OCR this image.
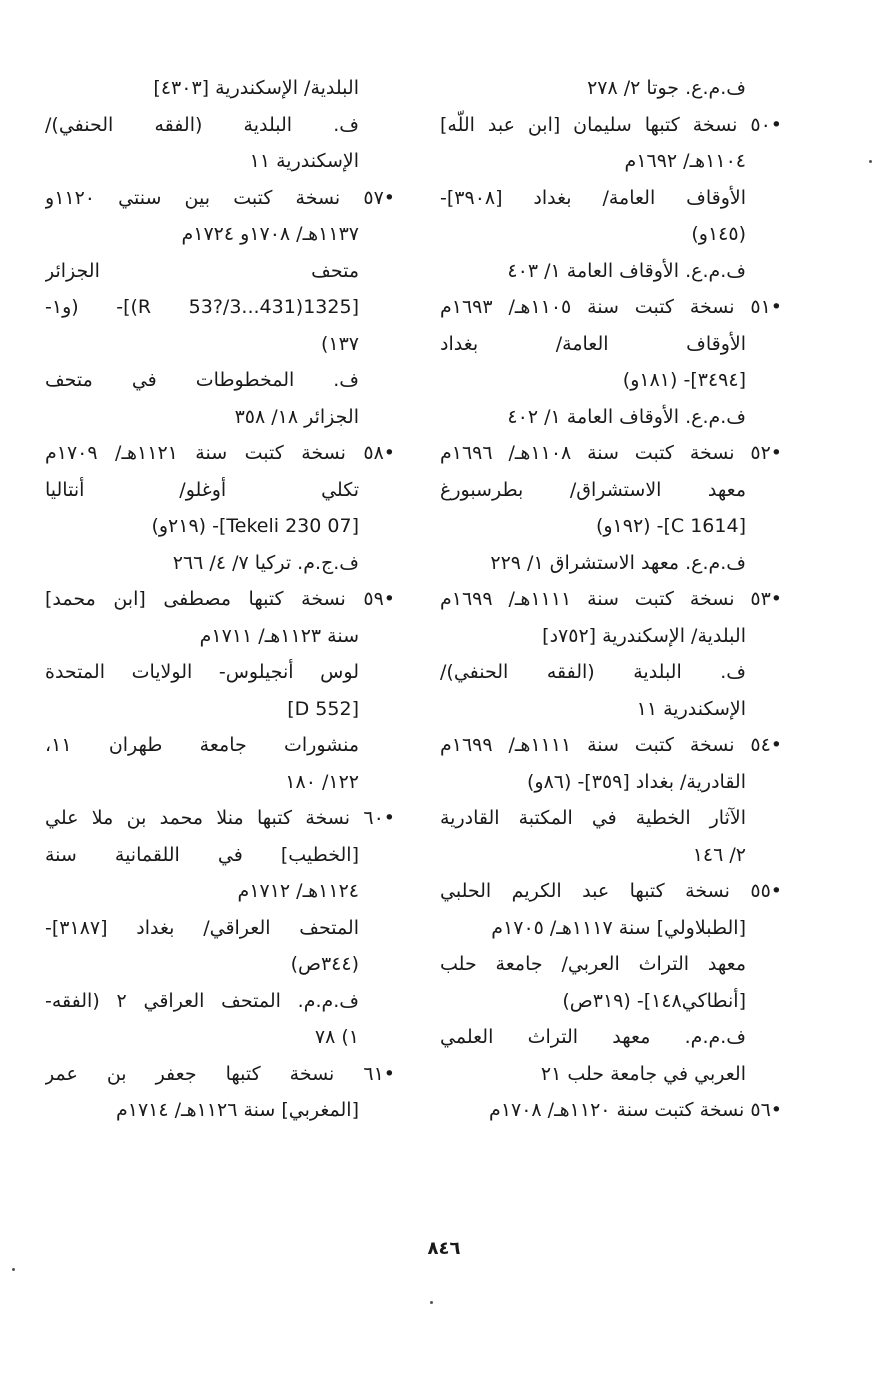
ف.م.ع. جوتا ٢/ ٢٧٨
•٥٠ نسخة كتبها سليمان [ابن عبد اللّه]
١١٠٤هـ/ ١٦٩٢م
الأوقاف العامة/ بغداد [٣٩٠٨]-
(١٤٥و)
ف.م.ع. الأوقاف العامة ١/ ٤٠٣
•٥١ نسخة كتبت سنة ١١٠٥هـ/ ١٦٩٣م
الأوقاف العامة/ بغداد
[٣٤٩٤]- (١٨١و)
ف.م.ع. الأوقاف العامة ١/ ٤٠٢
•٥٢ نسخة كتبت سنة ١١٠٨هـ/ ١٦٩٦م
معهد الاستشراق/ بطرسبورغ
[C 1614]- (١٩٢و)
ف.م.ع. معهد الاستشراق ١/ ٢٢٩
•٥٣ نسخة كتبت سنة ١١١١هـ/ ١٦٩٩م
البلدية/ الإسكندرية [٧٥٢د]
ف. البلدية (الفقه الحنفي)/
الإسكندرية ١١
•٥٤ نسخة كتبت سنة ١١١١هـ/ ١٦٩٩م
القادرية/ بغداد [٣٥٩]- (٨٦و)
الآثار الخطية في المكتبة القادرية
٢/ ١٤٦
•٥٥ نسخة كتبها عبد الكريم الحلبي
[الطبلاولي] سنة ١١١٧هـ/ ١٧٠٥م
معهد التراث العربي/ جامعة حلب
[أنطاكي١٤٨]- (٣١٩ص)
ف.م.م. معهد التراث العلمي
العربي في جامعة حلب ٢١
•٥٦ نسخة كتبت سنة ١١٢٠هـ/ ١٧٠٨م
البلدية/ الإسكندرية [٤٣٠٣]
ف. البلدية (الفقه الحنفي)/
الإسكندرية ١١
•٥٧ نسخة كتبت بين سنتي ١١٢٠و
١١٣٧هـ/ ١٧٠٨و ١٧٢٤م
متحف الجزائر
[1325(431...R 53?/3)]- (و١-
١٣٧)
ف. المخطوطات في متحف
الجزائر ١٨/ ٣٥٨
•٥٨ نسخة كتبت سنة ١١٢١هـ/ ١٧٠٩م
تكلي أوغلو/ أنتاليا
[07 Tekeli 230]- (٢١٩و)
ف.ج.م. تركيا ٧/ ٤/ ٢٦٦
•٥٩ نسخة كتبها مصطفى [ابن محمد]
سنة ١١٢٣هـ/ ١٧١١م
لوس أنجيلوس- الولايات المتحدة
[D 552]
منشورات جامعة طهران ١١،
١٢٢/ ١٨٠
•٦٠ نسخة كتبها منلا محمد بن ملا علي
[الخطيب] في اللقمانية سنة
١١٢٤هـ/ ١٧١٢م
المتحف العراقي/ بغداد [٣١٨٧]-
(٣٤٤ص)
ف.م.م. المتحف العراقي ٢ (الفقه-
١) ٧٨
•٦١ نسخة كتبها جعفر بن عمر
[المغربي] سنة ١١٢٦هـ/ ١٧١٤م
٨٤٦
